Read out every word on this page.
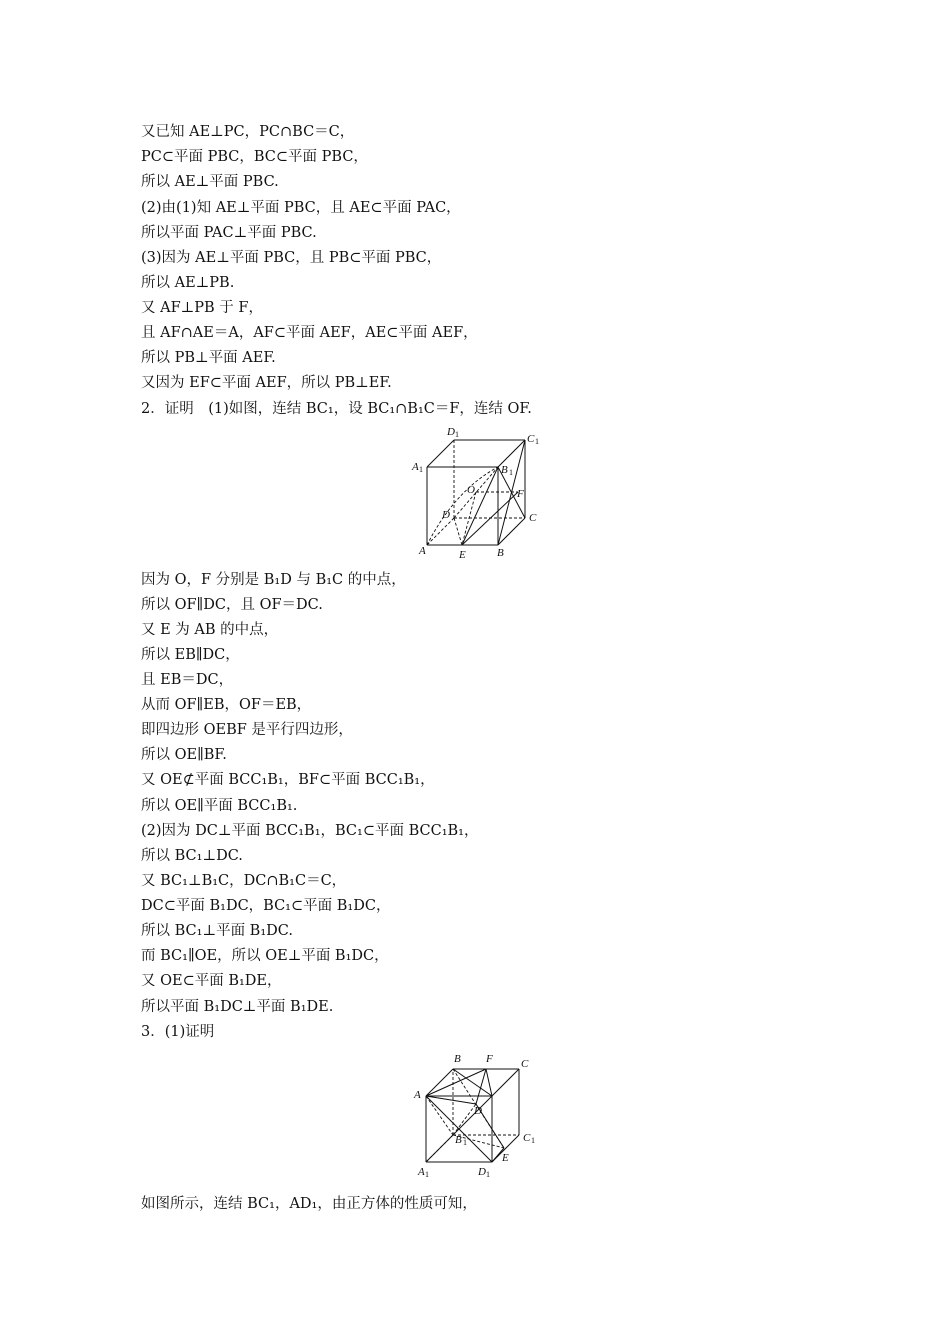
又已知 AE⊥PC，PC∩BC＝C，
PC⊂平面 PBC，BC⊂平面 PBC，
所以 AE⊥平面 PBC.
(2)由(1)知 AE⊥平面 PBC，且 AE⊂平面 PAC，
所以平面 PAC⊥平面 PBC.
(3)因为 AE⊥平面 PBC，且 PB⊂平面 PBC，
所以 AE⊥PB.
又 AF⊥PB 于 F，
且 AF∩AE＝A，AF⊂平面 AEF，AE⊂平面 AEF，
所以 PB⊥平面 AEF.
又因为 EF⊂平面 AEF，所以 PB⊥EF.
2．证明　(1)如图，连结 BC₁，设 BC₁∩B₁C＝F，连结 OF.
D 1	C 1
A 1	B 1
O	F
D	C
A	E	B
因为 O，F 分别是 B₁D 与 B₁C 的中点，
所以 OF∥DC，且 OF＝DC.
又 E 为 AB 的中点，
所以 EB∥DC，
且 EB＝DC，
从而 OF∥EB，OF＝EB，
即四边形 OEBF 是平行四边形，
所以 OE∥BF.
又 OE⊄平面 BCC₁B₁，BF⊂平面 BCC₁B₁，
所以 OE∥平面 BCC₁B₁.
(2)因为 DC⊥平面 BCC₁B₁，BC₁⊂平面 BCC₁B₁，
所以 BC₁⊥DC.
又 BC₁⊥B₁C，DC∩B₁C＝C，
DC⊂平面 B₁DC，BC₁⊂平面 B₁DC，
所以 BC₁⊥平面 B₁DC.
而 BC₁∥OE，所以 OE⊥平面 B₁DC，
又 OE⊂平面 B₁DE，
所以平面 B₁DC⊥平面 B₁DE.
3．(1)证明
B F	C
A
D
C 1
B 1
E
A 1	D 1
如图所示，连结 BC₁，AD₁，由正方体的性质可知，
